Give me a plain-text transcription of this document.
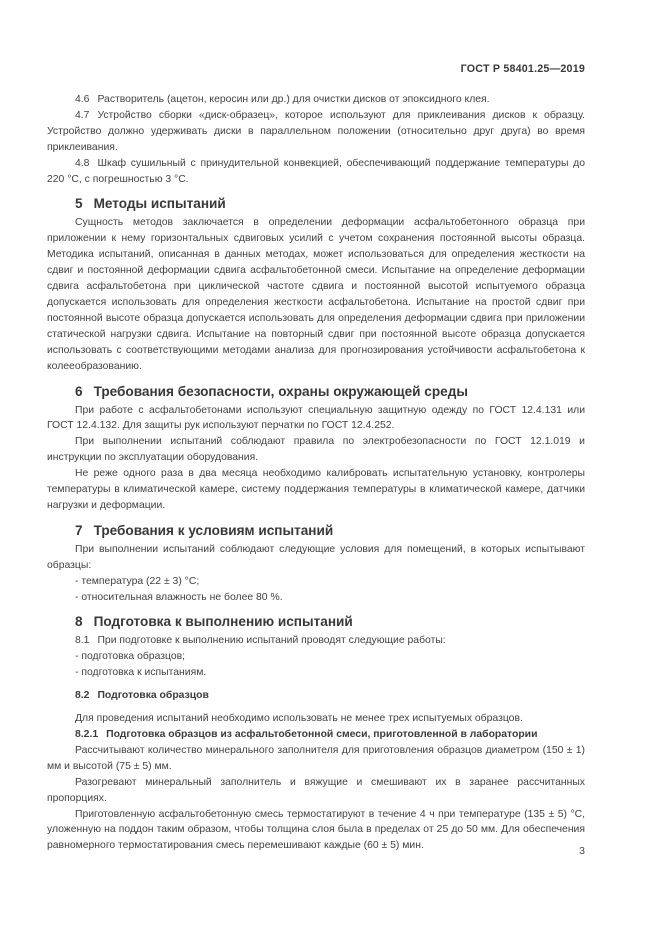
ГОСТ Р 58401.25—2019

4.6 Растворитель (ацетон, керосин или др.) для очистки дисков от эпоксидного клея.

4.7 Устройство сборки «диск-образец», которое используют для приклеивания дисков к образцу. Устройство должно удерживать диски в параллельном положении (относительно друг друга) во время приклеивания.

4.8 Шкаф сушильный с принудительной конвекцией, обеспечивающий поддержание температуры до 220 °С, с погрешностью 3 °С.

5 Методы испытаний

Сущность методов заключается в определении деформации асфальтобетонного образца при приложении к нему горизонтальных сдвиговых усилий с учетом сохранения постоянной высоты образца. Методика испытаний, описанная в данных методах, может использоваться для определения жесткости на сдвиг и постоянной деформации сдвига асфальтобетонной смеси. Испытание на определение деформации сдвига асфальтобетона при циклической частоте сдвига и постоянной высотой испытуемого образца допускается использовать для определения жесткости асфальтобетона. Испытание на простой сдвиг при постоянной высоте образца допускается использовать для определения деформации сдвига при приложении статической нагрузки сдвига. Испытание на повторный сдвиг при постоянной высоте образца допускается использовать с соответствующими методами анализа для прогнозирования устойчивости асфальтобетона к колееобразованию.

6 Требования безопасности, охраны окружающей среды

При работе с асфальтобетонами используют специальную защитную одежду по ГОСТ 12.4.131 или ГОСТ 12.4.132. Для защиты рук используют перчатки по ГОСТ 12.4.252.

При выполнении испытаний соблюдают правила по электробезопасности по ГОСТ 12.1.019 и инструкции по эксплуатации оборудования.

Не реже одного раза в два месяца необходимо калибровать испытательную установку, контролеры температуры в климатической камере, систему поддержания температуры в климатической камере, датчики нагрузки и деформации.

7 Требования к условиям испытаний

При выполнении испытаний соблюдают следующие условия для помещений, в которых испытывают образцы:

- температура (22 ± 3) °С;

- относительная влажность не более 80 %.

8 Подготовка к выполнению испытаний

8.1 При подготовке к выполнению испытаний проводят следующие работы:

- подготовка образцов;

- подготовка к испытаниям.

8.2 Подготовка образцов

Для проведения испытаний необходимо использовать не менее трех испытуемых образцов.

8.2.1 Подготовка образцов из асфальтобетонной смеси, приготовленной в лаборатории

Рассчитывают количество минерального заполнителя для приготовления образцов диаметром (150 ± 1) мм и высотой (75 ± 5) мм.

Разогревают минеральный заполнитель и вяжущие и смешивают их в заранее рассчитанных пропорциях.

Приготовленную асфальтобетонную смесь термостатируют в течение 4 ч при температуре (135 ± 5) °С, уложенную на поддон таким образом, чтобы толщина слоя была в пределах от 25 до 50 мм. Для обеспечения равномерного термостатирования смесь перемешивают каждые (60 ± 5) мин.	3
